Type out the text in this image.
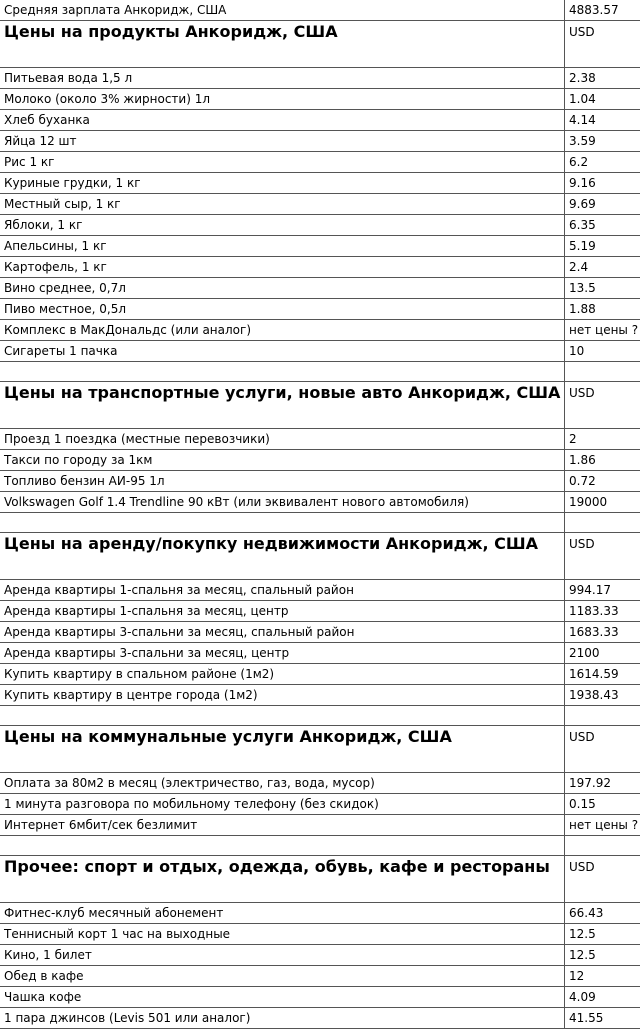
Средняя зарплата Анкоридж, США	4883.57
Цены на продукты Анкоридж, США	USD
Питьевая вода 1,5 л	2.38
Молоко (около 3% жирности) 1л	1.04
Хлеб буханка	4.14
Яйца 12 шт	3.59
Рис 1 кг	6.2
Куриные грудки, 1 кг	9.16
Местный сыр, 1 кг	9.69
Яблоки, 1 кг	6.35
Апельсины, 1 кг	5.19
Картофель, 1 кг	2.4
Вино среднее, 0,7л	13.5
Пиво местное, 0,5л	1.88
Комплекс в МакДональдс (или аналог)	нет цены ?
Сигареты 1 пачка	10

Цены на транспортные услуги, новые авто Анкоридж, США	USD
Проезд 1 поездка (местные перевозчики)	2
Такси по городу за 1км	1.86
Топливо бензин АИ-95 1л	0.72
Volkswagen Golf 1.4 Trendline 90 кВт (или эквивалент нового автомобиля)	19000

Цены на аренду/покупку недвижимости Анкоридж, США	USD
Аренда квартиры 1-спальня за месяц, спальный район	994.17
Аренда квартиры 1-спальня за месяц, центр	1183.33
Аренда квартиры 3-спальни за месяц, спальный район	1683.33
Аренда квартиры 3-спальни за месяц, центр	2100
Купить квартиру в спальном районе (1м2)	1614.59
Купить квартиру в центре города (1м2)	1938.43

Цены на коммунальные услуги Анкоридж, США	USD
Оплата за 80м2 в месяц (электричество, газ, вода, мусор)	197.92
1 минута разговора по мобильному телефону (без скидок)	0.15
Интернет 6мбит/сек безлимит	нет цены ?

Прочее: спорт и отдых, одежда, обувь, кафе и рестораны	USD
Фитнес-клуб месячный абонемент	66.43
Теннисный корт 1 час на выходные	12.5
Кино, 1 билет	12.5
Обед в кафе	12
Чашка кофе	4.09
1 пара джинсов (Levis 501 или аналог)	41.55
